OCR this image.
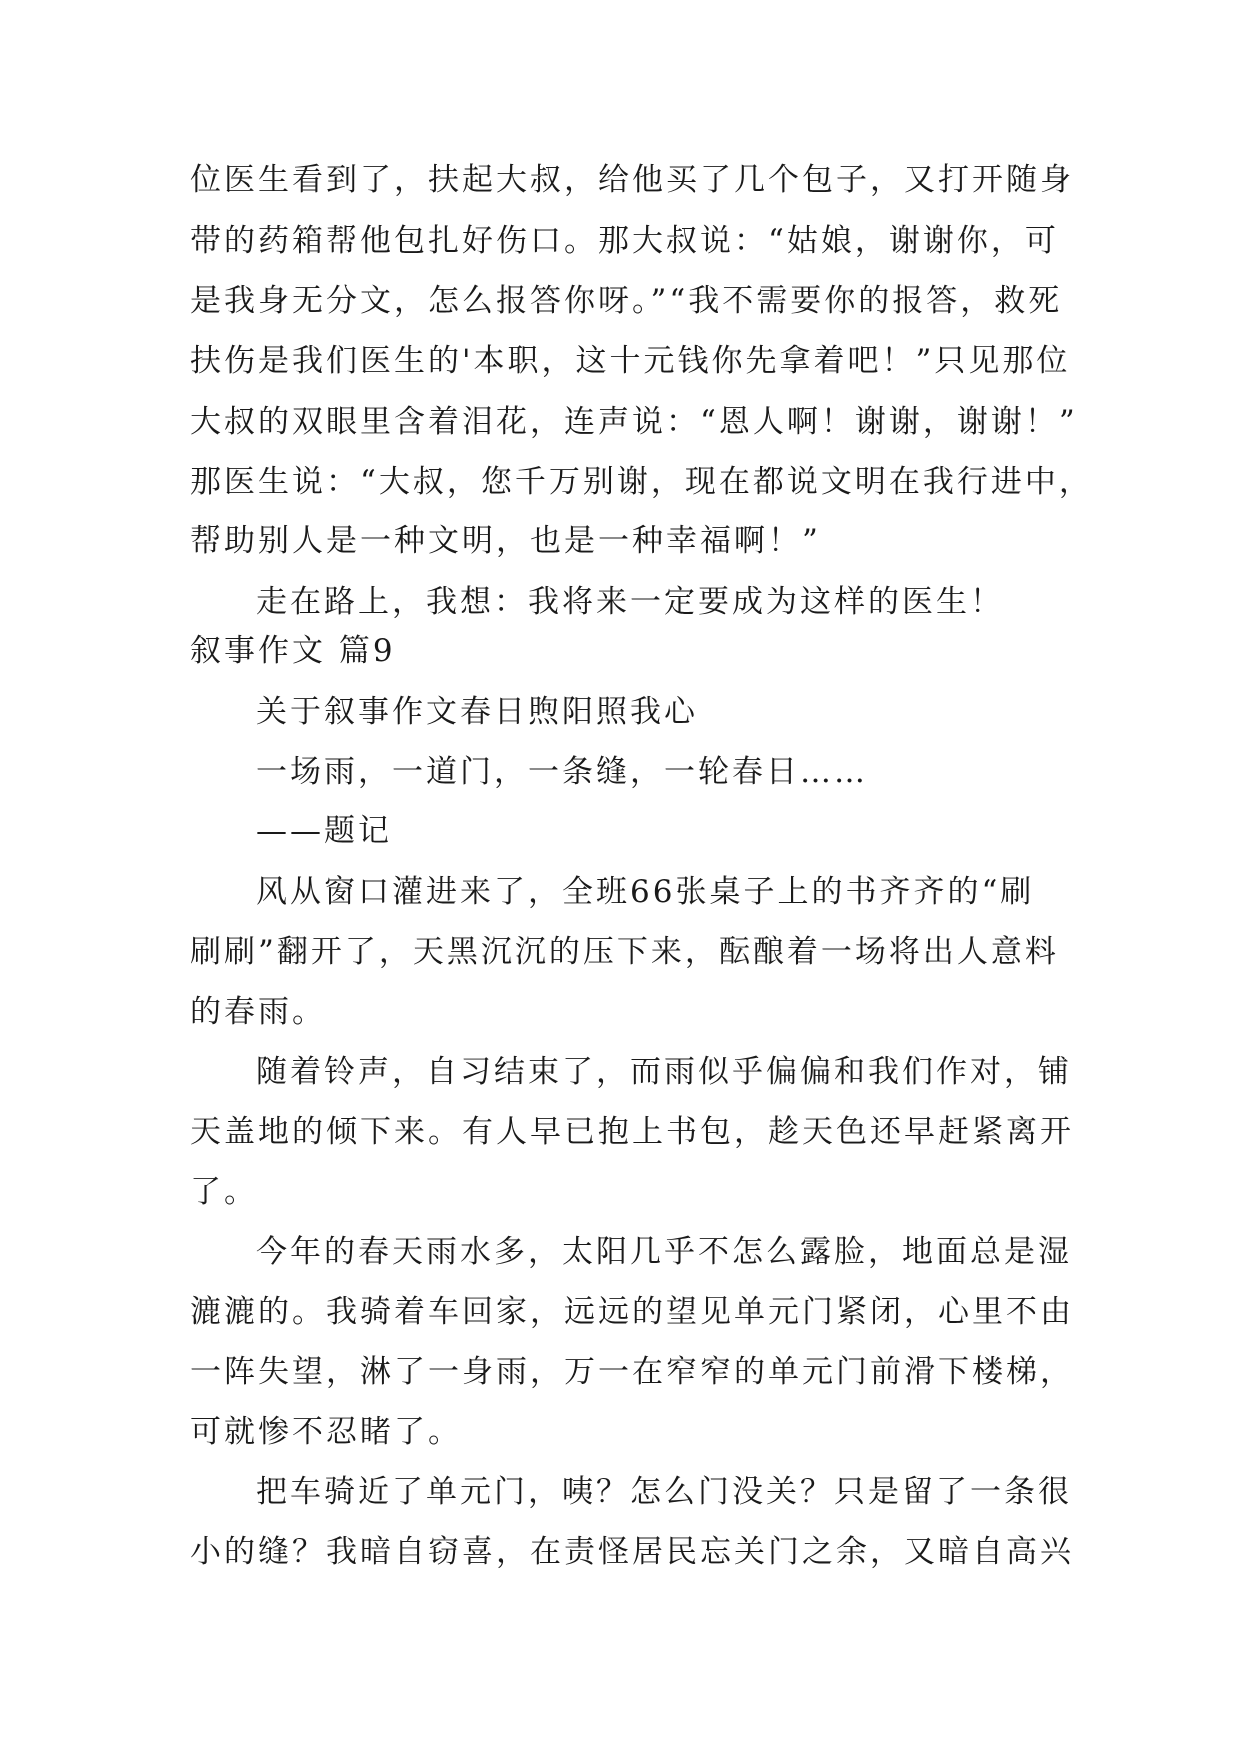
位医生看到了，扶起大叔，给他买了几个包子，又打开随身
带的药箱帮他包扎好伤口。那大叔说：“姑娘，谢谢你，可
是我身无分文，怎么报答你呀。”“我不需要你的报答，救死
扶伤是我们医生的'本职，这十元钱你先拿着吧！”只见那位
大叔的双眼里含着泪花，连声说：“恩人啊！谢谢，谢谢！”
那医生说：“大叔，您千万别谢，现在都说文明在我行进中，
帮助别人是一种文明，也是一种幸福啊！”
走在路上，我想：我将来一定要成为这样的医生！
叙事作文 篇9
关于叙事作文春日煦阳照我心
一场雨，一道门，一条缝，一轮春日……
——题记
风从窗口灌进来了，全班66张桌子上的书齐齐的“刷
刷刷”翻开了，天黑沉沉的压下来，酝酿着一场将出人意料
的春雨。
随着铃声，自习结束了，而雨似乎偏偏和我们作对，铺
天盖地的倾下来。有人早已抱上书包，趁天色还早赶紧离开
了。
今年的春天雨水多，太阳几乎不怎么露脸，地面总是湿
漉漉的。我骑着车回家，远远的望见单元门紧闭，心里不由
一阵失望，淋了一身雨，万一在窄窄的单元门前滑下楼梯，
可就惨不忍睹了。
把车骑近了单元门，咦？怎么门没关？只是留了一条很
小的缝？我暗自窃喜，在责怪居民忘关门之余，又暗自高兴
